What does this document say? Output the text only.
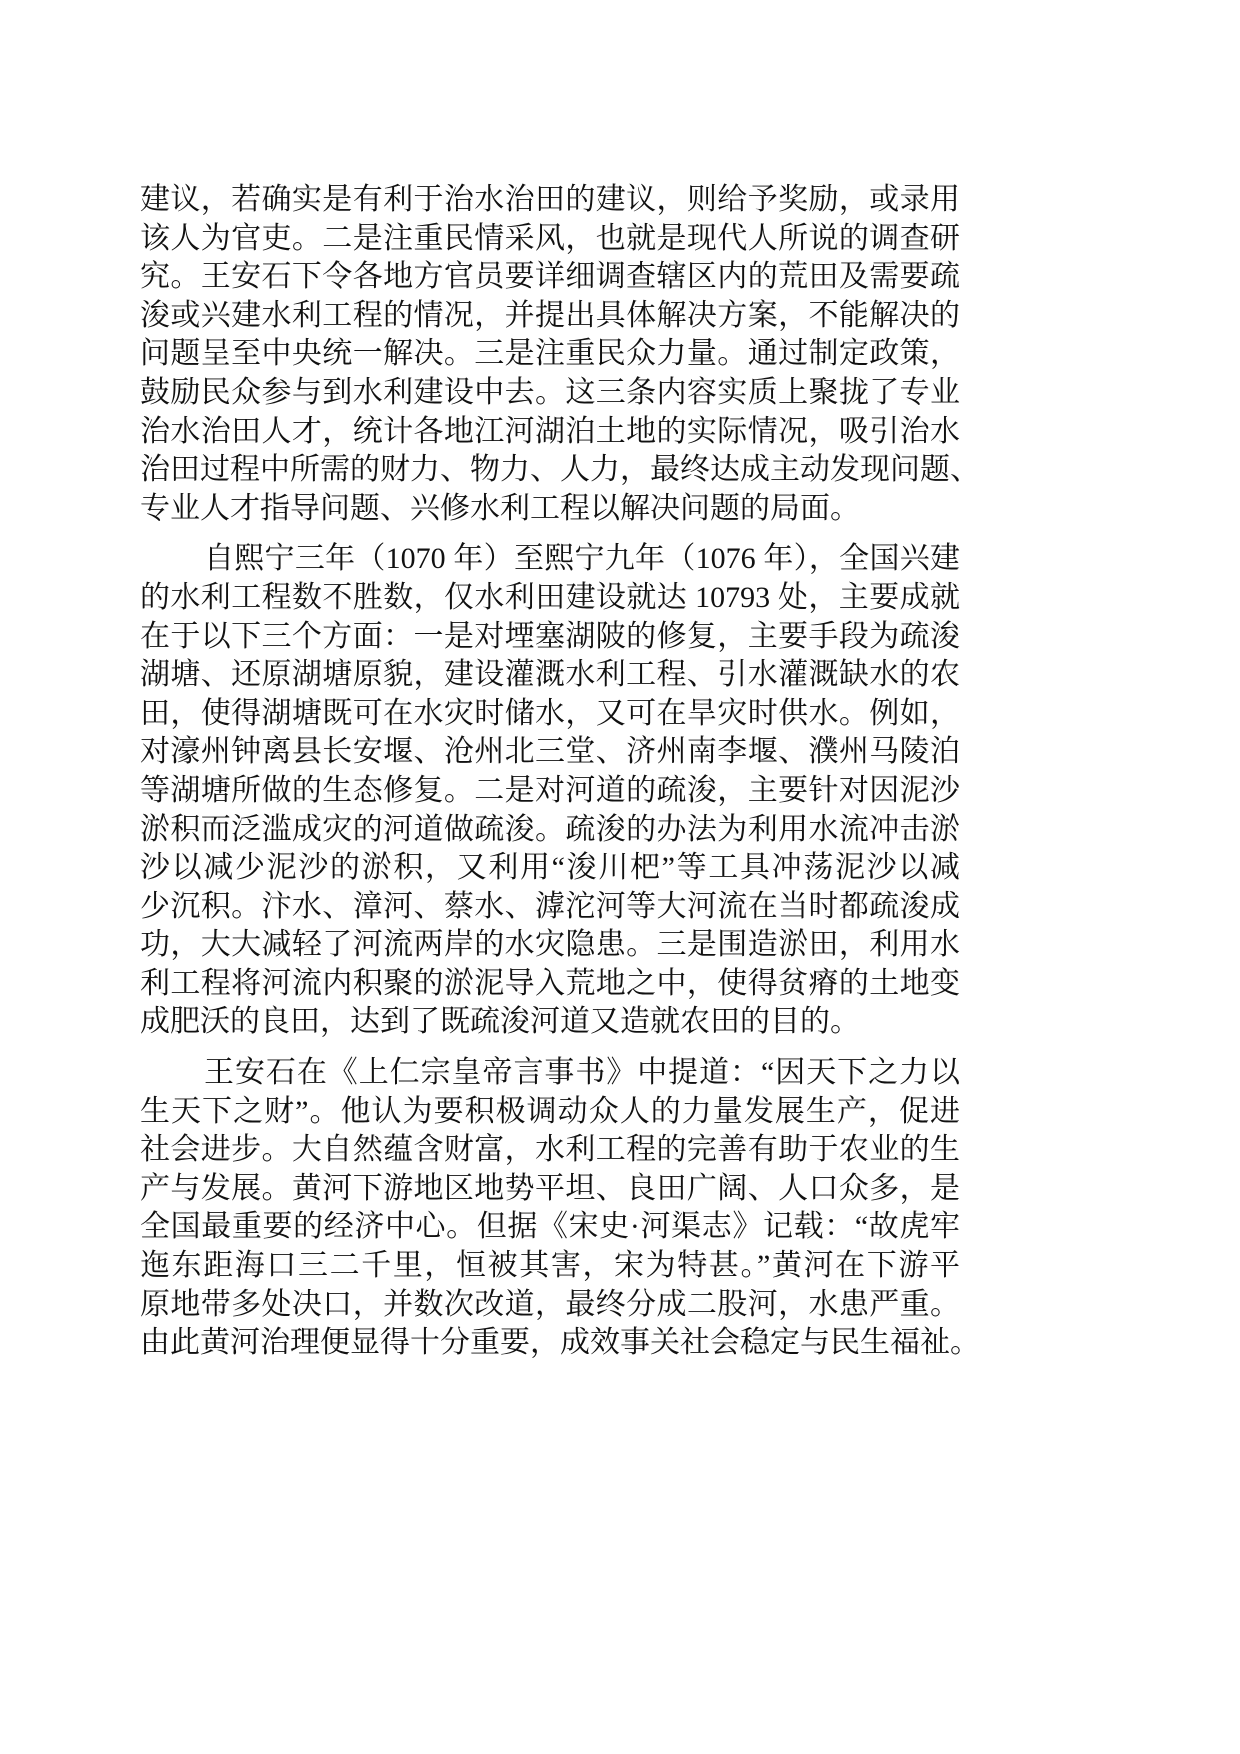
建议，若确实是有利于治水治田的建议，则给予奖励，或录用
该人为官吏。二是注重民情采风，也就是现代人所说的调查研
究。王安石下令各地方官员要详细调查辖区内的荒田及需要疏
浚或兴建水利工程的情况，并提出具体解决方案，不能解决的
问题呈至中央统一解决。三是注重民众力量。通过制定政策，
鼓励民众参与到水利建设中去。这三条内容实质上聚拢了专业
治水治田人才，统计各地江河湖泊土地的实际情况，吸引治水
治田过程中所需的财力、物力、人力，最终达成主动发现问题、
专业人才指导问题、兴修水利工程以解决问题的局面。
自熙宁三年（1070 年）至熙宁九年（1076 年），全国兴建
的水利工程数不胜数，仅水利田建设就达 10793 处，主要成就
在于以下三个方面：一是对堙塞湖陂的修复，主要手段为疏浚
湖塘、还原湖塘原貌，建设灌溉水利工程、引水灌溉缺水的农
田，使得湖塘既可在水灾时储水，又可在旱灾时供水。例如，
对濠州钟离县长安堰、沧州北三堂、济州南李堰、濮州马陵泊
等湖塘所做的生态修复。二是对河道的疏浚，主要针对因泥沙
淤积而泛滥成灾的河道做疏浚。疏浚的办法为利用水流冲击淤
沙以减少泥沙的淤积，又利用“浚川杷”等工具冲荡泥沙以减
少沉积。汴水、漳河、蔡水、滹沱河等大河流在当时都疏浚成
功，大大减轻了河流两岸的水灾隐患。三是围造淤田，利用水
利工程将河流内积聚的淤泥导入荒地之中，使得贫瘠的土地变
成肥沃的良田，达到了既疏浚河道又造就农田的目的。
王安石在《上仁宗皇帝言事书》中提道：“因天下之力以
生天下之财”。他认为要积极调动众人的力量发展生产，促进
社会进步。大自然蕴含财富，水利工程的完善有助于农业的生
产与发展。黄河下游地区地势平坦、良田广阔、人口众多，是
全国最重要的经济中心。但据《宋史·河渠志》记载：“故虎牢
迤东距海口三二千里，恒被其害，宋为特甚。”黄河在下游平
原地带多处决口，并数次改道，最终分成二股河，水患严重。
由此黄河治理便显得十分重要，成效事关社会稳定与民生福祉。
